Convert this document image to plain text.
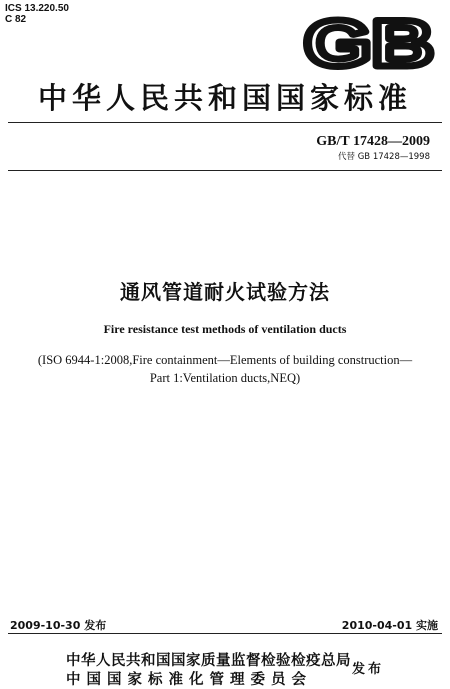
ICS 13.220.50
C 82	GB
中华人民共和国国家标准
GB/T 17428—2009
代替 GB 17428—1998
通风管道耐火试验方法
Fire resistance test methods of ventilation ducts
(ISO 6944-1:2008,Fire containment—Elements of building construction—
Part 1:Ventilation ducts,NEQ)
2009-10-30 发布	2010-04-01 实施
中华人民共和国国家质量监督检验检疫总局
中国国家标准化管理委员会
发布
